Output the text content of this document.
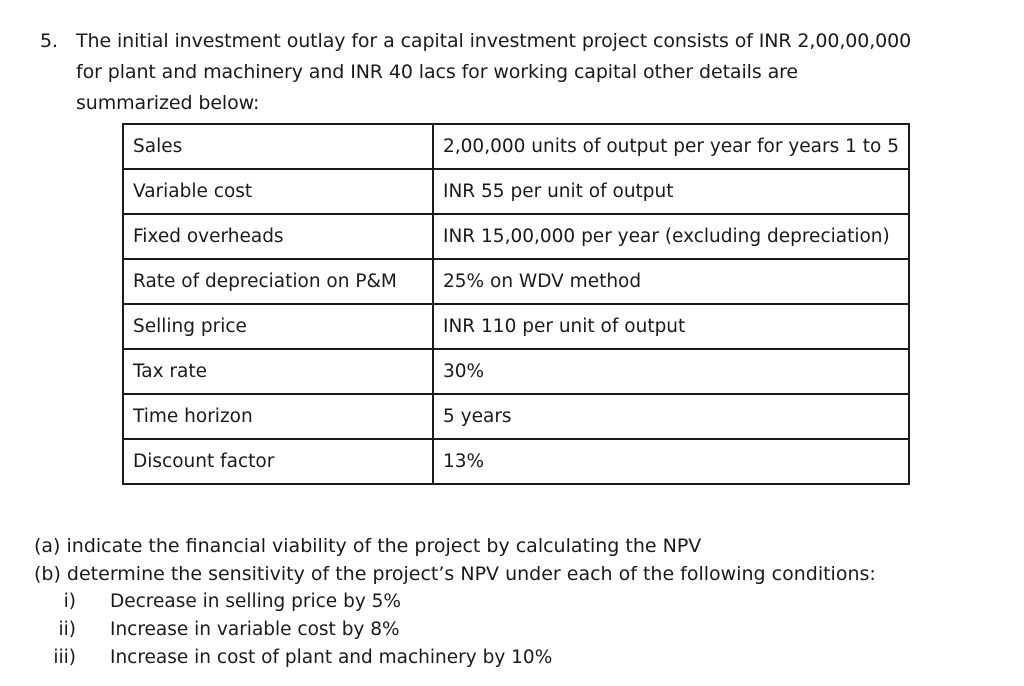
5. The initial investment outlay for a capital investment project consists of INR 2,00,00,000
for plant and machinery and INR 40 lacs for working capital other details are
summarized below:
Sales	2,00,000 units of output per year for years 1 to 5
Variable cost	INR 55 per unit of output
Fixed overheads	INR 15,00,000 per year (excluding depreciation)
Rate of depreciation on P&M	25% on WDV method
Selling price	INR 110 per unit of output
Tax rate	30%
Time horizon	5 years
Discount factor	13%
(a) indicate the financial viability of the project by calculating the NPV
(b) determine the sensitivity of the project’s NPV under each of the following conditions:
i) Decrease in selling price by 5%
ii) Increase in variable cost by 8%
iii) Increase in cost of plant and machinery by 10%
